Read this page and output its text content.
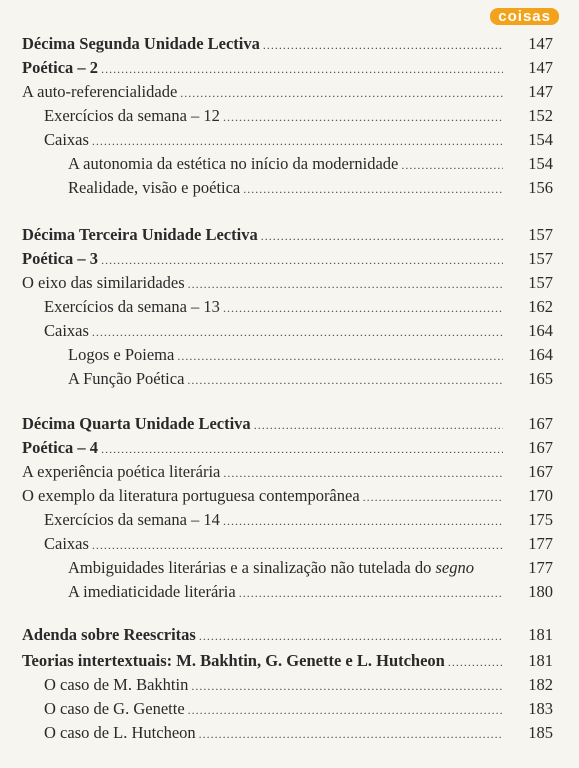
coisas
Décima Segunda Unidade Lectiva .....	147
Poética – 2 .....	147
A auto-referencialidade .....	147
Exercícios da semana – 12 .....	152
Caixas .....	154
A autonomia da estética no início da modernidade .....	154
Realidade, visão e poética .....	156
Décima Terceira Unidade Lectiva .....	157
Poética – 3 .....	157
O eixo das similaridades .....	157
Exercícios da semana – 13 .....	162
Caixas .....	164
Logos e Poiema .....	164
A Função Poética .....	165
Décima Quarta Unidade Lectiva .....	167
Poética – 4 .....	167
A experiência poética literária .....	167
O exemplo da literatura portuguesa contemporânea .....	170
Exercícios da semana – 14 .....	175
Caixas .....	177
Ambiguidades literárias e a sinalização não tutelada do segno	177
A imediaticidade literária .....	180
Adenda sobre Reescritas .....	181
Teorias intertextuais: M. Bakhtin, G. Genette e L. Hutcheon .....	181
O caso de M. Bakhtin .....	182
O caso de G. Genette .....	183
O caso de L. Hutcheon .....	185
